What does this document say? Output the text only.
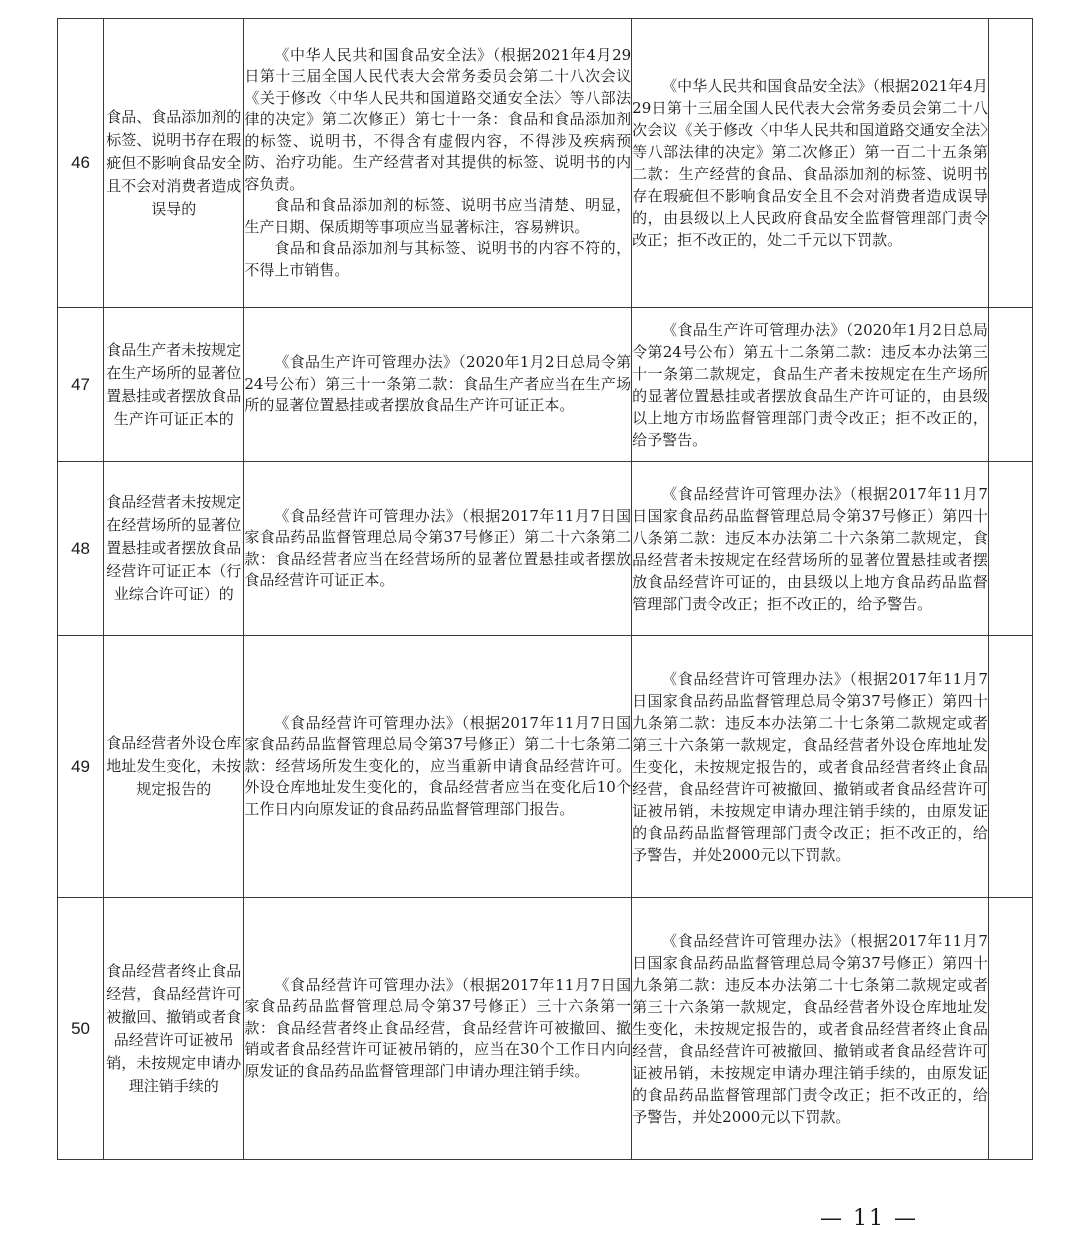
46	食品、食品添加剂的标签、说明书存在瑕疵但不影响食品安全且不会对消费者造成误导的	《中华人民共和国食品安全法》（根据2021年4月29日第十三届全国人民代表大会常务委员会第二十八次会议《关于修改〈中华人民共和国道路交通安全法〉等八部法律的决定》第二次修正）第七十一条：食品和食品添加剂的标签、说明书，不得含有虚假内容，不得涉及疾病预防、治疗功能。生产经营者对其提供的标签、说明书的内容负责。

食品和食品添加剂的标签、说明书应当清楚、明显，生产日期、保质期等事项应当显著标注，容易辨识。

食品和食品添加剂与其标签、说明书的内容不符的，不得上市销售。	《中华人民共和国食品安全法》（根据2021年4月29日第十三届全国人民代表大会常务委员会第二十八次会议《关于修改〈中华人民共和国道路交通安全法〉等八部法律的决定》第二次修正）第一百二十五条第二款：生产经营的食品、食品添加剂的标签、说明书存在瑕疵但不影响食品安全且不会对消费者造成误导的，由县级以上人民政府食品安全监督管理部门责令改正；拒不改正的，处二千元以下罚款。	

47	食品生产者未按规定在生产场所的显著位置悬挂或者摆放食品生产许可证正本的	《食品生产许可管理办法》（2020年1月2日总局令第24号公布）第三十一条第二款：食品生产者应当在生产场所的显著位置悬挂或者摆放食品生产许可证正本。	《食品生产许可管理办法》（2020年1月2日总局令第24号公布）第五十二条第二款：违反本办法第三十一条第二款规定，食品生产者未按规定在生产场所的显著位置悬挂或者摆放食品生产许可证的，由县级以上地方市场监督管理部门责令改正；拒不改正的，给予警告。	

48	食品经营者未按规定在经营场所的显著位置悬挂或者摆放食品经营许可证正本（行业综合许可证）的	《食品经营许可管理办法》（根据2017年11月7日国家食品药品监督管理总局令第37号修正）第二十六条第二款：食品经营者应当在经营场所的显著位置悬挂或者摆放食品经营许可证正本。	《食品经营许可管理办法》（根据2017年11月7日国家食品药品监督管理总局令第37号修正）第四十八条第二款：违反本办法第二十六条第二款规定，食品经营者未按规定在经营场所的显著位置悬挂或者摆放食品经营许可证的，由县级以上地方食品药品监督管理部门责令改正；拒不改正的，给予警告。	

49	食品经营者外设仓库地址发生变化，未按规定报告的	《食品经营许可管理办法》（根据2017年11月7日国家食品药品监督管理总局令第37号修正）第二十七条第二款：经营场所发生变化的，应当重新申请食品经营许可。外设仓库地址发生变化的，食品经营者应当在变化后10个工作日内向原发证的食品药品监督管理部门报告。	《食品经营许可管理办法》（根据2017年11月7日国家食品药品监督管理总局令第37号修正）第四十九条第二款：违反本办法第二十七条第二款规定或者第三十六条第一款规定，食品经营者外设仓库地址发生变化，未按规定报告的，或者食品经营者终止食品经营，食品经营许可被撤回、撤销或者食品经营许可证被吊销，未按规定申请办理注销手续的，由原发证的食品药品监督管理部门责令改正；拒不改正的，给予警告，并处2000元以下罚款。	

50	食品经营者终止食品经营，食品经营许可被撤回、撤销或者食品经营许可证被吊销，未按规定申请办理注销手续的	《食品经营许可管理办法》（根据2017年11月7日国家食品药品监督管理总局令第37号修正）三十六条第一款：食品经营者终止食品经营，食品经营许可被撤回、撤销或者食品经营许可证被吊销的，应当在30个工作日内向原发证的食品药品监督管理部门申请办理注销手续。	《食品经营许可管理办法》（根据2017年11月7日国家食品药品监督管理总局令第37号修正）第四十九条第二款：违反本办法第二十七条第二款规定或者第三十六条第一款规定，食品经营者外设仓库地址发生变化，未按规定报告的，或者食品经营者终止食品经营，食品经营许可被撤回、撤销或者食品经营许可证被吊销，未按规定申请办理注销手续的，由原发证的食品药品监督管理部门责令改正；拒不改正的，给予警告，并处2000元以下罚款。	

— 11 —
